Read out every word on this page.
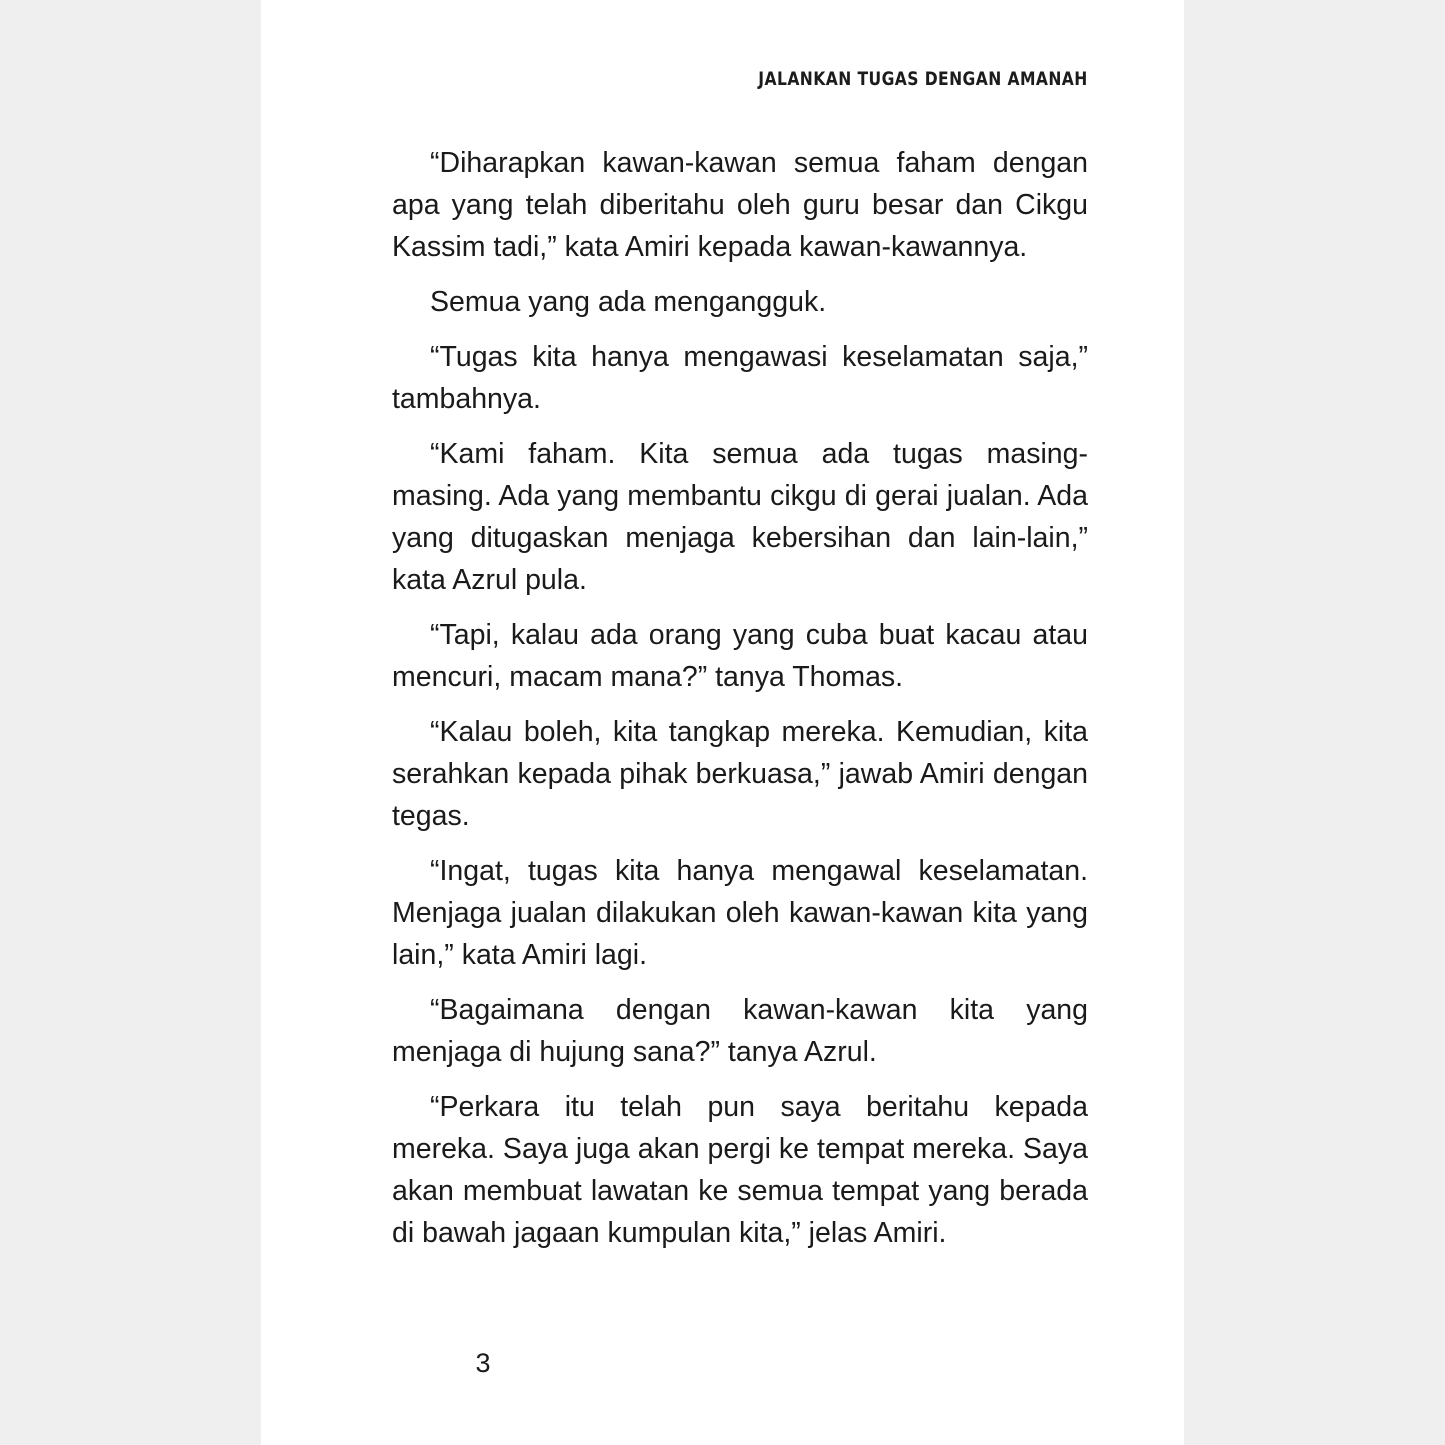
JALANKAN TUGAS DENGAN AMANAH

“Diharapkan kawan-kawan semua faham dengan apa yang telah diberitahu oleh guru besar dan Cikgu Kassim tadi,” kata Amiri kepada kawan-kawannya.

Semua yang ada mengangguk.

“Tugas kita hanya mengawasi keselamatan saja,” tambahnya.

“Kami faham. Kita semua ada tugas masing-masing. Ada yang membantu cikgu di gerai jualan. Ada yang ditugaskan menjaga kebersihan dan lain-lain,” kata Azrul pula.

“Tapi, kalau ada orang yang cuba buat kacau atau mencuri, macam mana?” tanya Thomas.

“Kalau boleh, kita tangkap mereka. Kemudian, kita serahkan kepada pihak berkuasa,” jawab Amiri dengan tegas.

“Ingat, tugas kita hanya mengawal keselamatan. Menjaga jualan dilakukan oleh kawan-kawan kita yang lain,” kata Amiri lagi.

“Bagaimana dengan kawan-kawan kita yang menjaga di hujung sana?” tanya Azrul.

“Perkara itu telah pun saya beritahu kepada mereka. Saya juga akan pergi ke tempat mereka. Saya akan membuat lawatan ke semua tempat yang berada di bawah jagaan kumpulan kita,” jelas Amiri.

3
